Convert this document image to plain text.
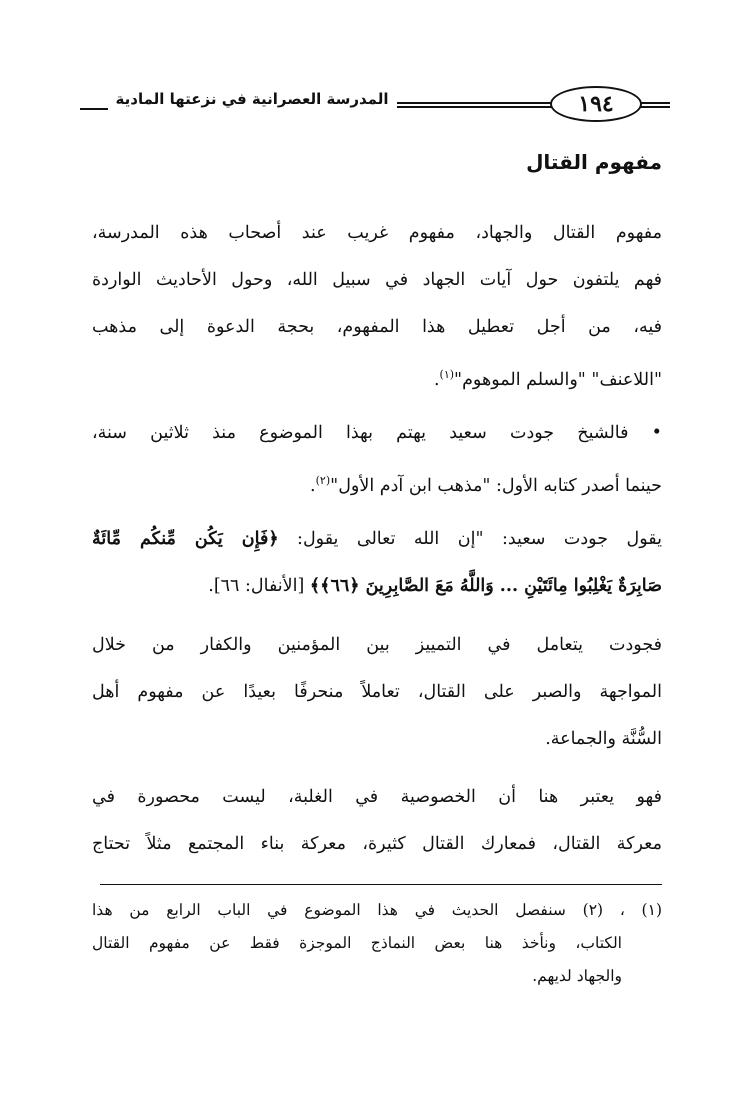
المدرسة العصرانية في نزعتها المادية	١٩٤
مفهوم القتال
مفهوم القتال والجهاد، مفهوم غريب عند أصحاب هذه المدرسة،
فهم يلتفون حول آيات الجهاد في سبيل الله، وحول الأحاديث الواردة
فيه، من أجل تعطيل هذا المفهوم، بحجة الدعوة إلى مذهب
"اللاعنف" "والسلم الموهوم"$^{(١)}$.
• فالشيخ جودت سعيد يهتم بهذا الموضوع منذ ثلاثين سنة،
حينما أصدر كتابه الأول: "مذهب ابن آدم الأول"$^{(٢)}$.
يقول جودت سعيد: "إن الله تعالى يقول: ﴿فَإِن يَكُن مِّنكُم مِّائَةٌ
صَابِرَةٌ يَغْلِبُوا مِائَتَيْنِ ... وَاللَّهُ مَعَ الصَّابِرِينَ ﴿٦٦﴾﴾ [الأنفال: ٦٦].
فجودت يتعامل في التمييز بين المؤمنين والكفار من خلال
المواجهة والصبر على القتال، تعاملاً منحرفًا بعيدًا عن مفهوم أهل
السُّنَّة والجماعة.
فهو يعتبر هنا أن الخصوصية في الغلبة، ليست محصورة في
معركة القتال، فمعارك القتال كثيرة، معركة بناء المجتمع مثلاً تحتاج
(١) ، (٢) سنفصل الحديث في هذا الموضوع في الباب الرابع من هذا
الكتاب، ونأخذ هنا بعض النماذج الموجزة فقط عن مفهوم القتال
والجهاد لديهم.
